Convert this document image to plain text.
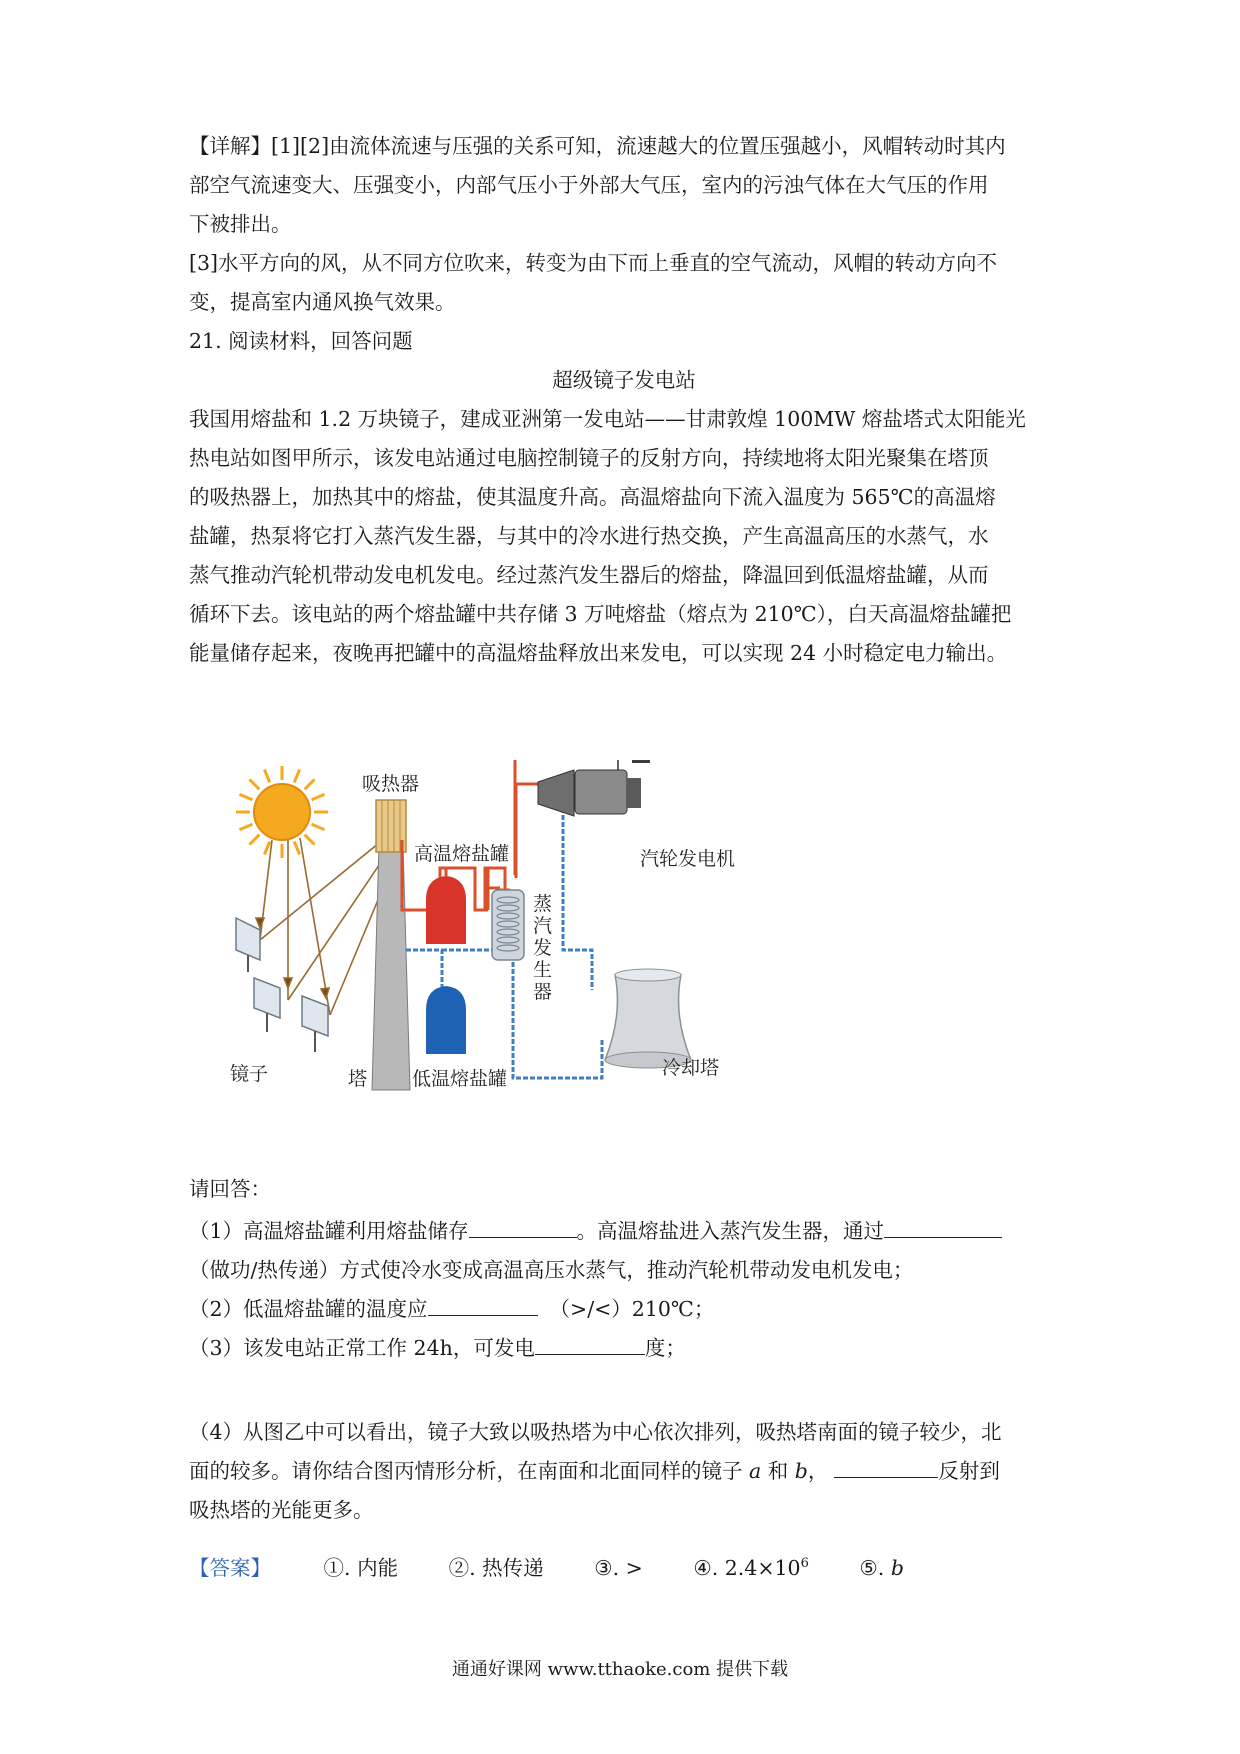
【详解】[1][2]由流体流速与压强的关系可知，流速越大的位置压强越小，风帽转动时其内

部空气流速变大、压强变小，内部气压小于外部大气压，室内的污浊气体在大气压的作用

下被排出。

[3]水平方向的风，从不同方位吹来，转变为由下而上垂直的空气流动，风帽的转动方向不

变，提高室内通风换气效果。

21. 阅读材料，回答问题

超级镜子发电站

我国用熔盐和 1.2 万块镜子，建成亚洲第一发电站——甘肃敦煌 100MW 熔盐塔式太阳能光

热电站如图甲所示，该发电站通过电脑控制镜子的反射方向，持续地将太阳光聚集在塔顶

的吸热器上，加热其中的熔盐，使其温度升高。高温熔盐向下流入温度为 565℃的高温熔

盐罐，热泵将它打入蒸汽发生器，与其中的冷水进行热交换，产生高温高压的水蒸气，水

蒸气推动汽轮机带动发电机发电。经过蒸汽发生器后的熔盐，降温回到低温熔盐罐，从而

循环下去。该电站的两个熔盐罐中共存储 3 万吨熔盐（熔点为 210℃），白天高温熔盐罐把

能量储存起来，夜晚再把罐中的高温熔盐释放出来发电，可以实现 24 小时稳定电力输出。

吸热器
高温熔盐罐	汽轮发电机
蒸
汽
发
生
器
镜子	塔 低温熔盐罐	冷却塔

请回答：

（1）高温熔盐罐利用熔盐储存	。高温熔盐进入蒸汽发生器，通过

（做功/热传递）方式使冷水变成高温高压水蒸气，推动汽轮机带动发电机发电；

（2）低温熔盐罐的温度应	（>/<）210℃；

（3）该发电站正常工作 24h，可发电	度；

（4）从图乙中可以看出，镜子大致以吸热塔为中心依次排列，吸热塔南面的镜子较少，北

面的较多。请你结合图丙情形分析，在南面和北面同样的镜子 a 和 b，	反射到

吸热塔的光能更多。

【答案】	①. 内能 ②. 热传递 ③. > ④. $2.4\times 10^6$ ⑤. b
通通好课网 www.tthaoke.com 提供下载
